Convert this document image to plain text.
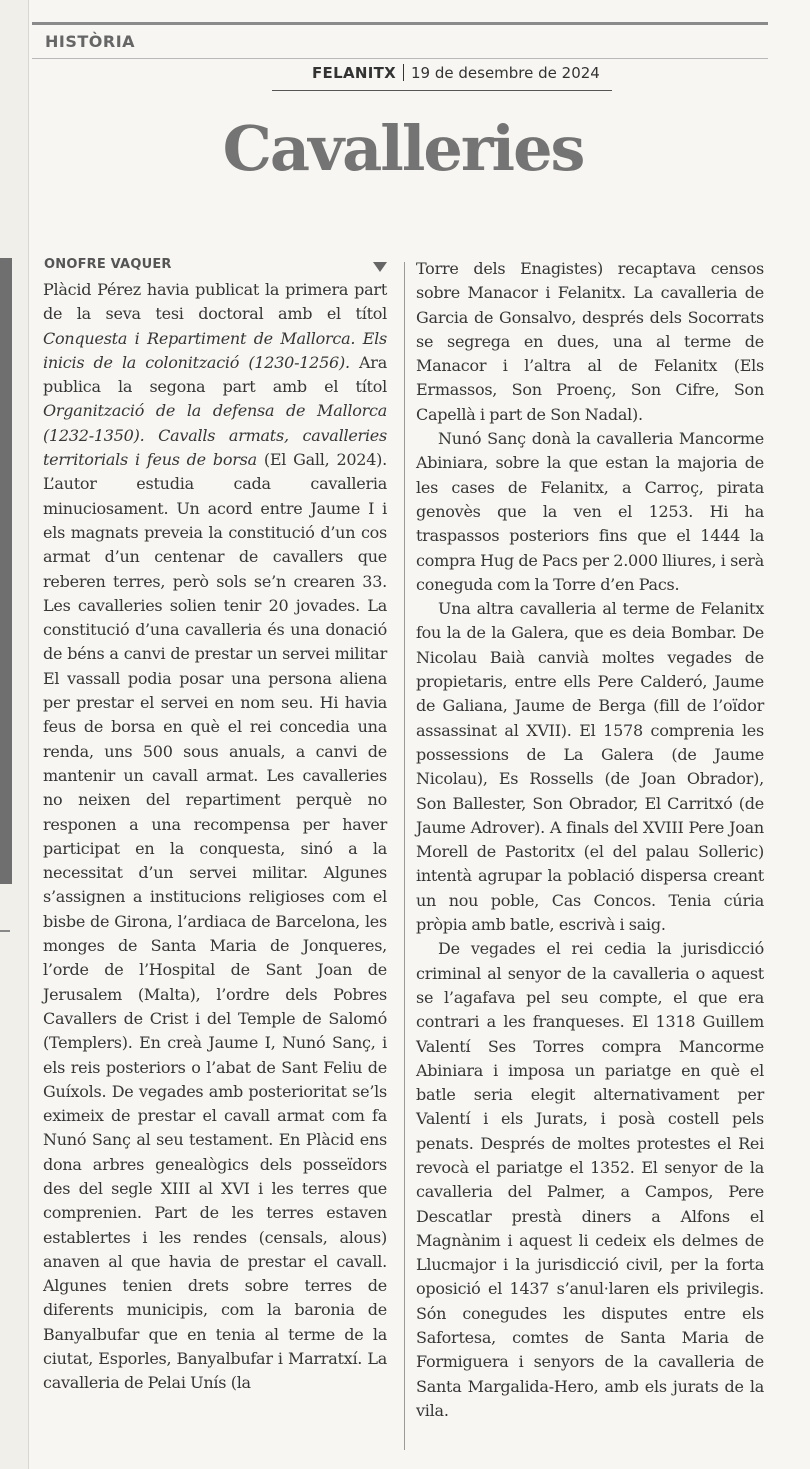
HISTÒRIA
FELANITX 19 de desembre de 2024
Cavalleries
ONOFRE VAQUER

Plàcid Pérez havia publicat la primera part de la seva tesi doctoral amb el títol Conquesta i Repartiment de Mallorca. Els inicis de la colonització (1230-1256). Ara publica la segona part amb el títol Organització de la defensa de Mallorca (1232-1350). Cavalls armats, cavalleries territorials i feus de borsa (El Gall, 2024). L’autor estudia cada cavalleria minuciosament. Un acord entre Jaume I i els magnats preveia la constitució d’un cos armat d’un centenar de cavallers que reberen terres, però sols se’n crearen 33. Les cavalleries solien tenir 20 jovades. La constitució d’una cavalleria és una donació de béns a canvi de prestar un servei militar El vassall podia posar una persona aliena per prestar el servei en nom seu. Hi havia feus de borsa en què el rei concedia una renda, uns 500 sous anuals, a canvi de mantenir un cavall armat. Les cavalleries no neixen del repartiment perquè no responen a una recompensa per haver participat en la conquesta, sinó a la necessitat d’un servei militar. Algunes s’assignen a institucions religioses com el bisbe de Girona, l’ardiaca de Barcelona, les monges de Santa Maria de Jonqueres, l’orde de l’Hospital de Sant Joan de Jerusalem (Malta), l’ordre dels Pobres Cavallers de Crist i del Temple de Salomó (Templers). En creà Jaume I, Nunó Sanç, i els reis posteriors o l’abat de Sant Feliu de Guíxols. De vegades amb posterioritat se’ls eximeix de prestar el cavall armat com fa Nunó Sanç al seu testament. En Plàcid ens dona arbres genealògics dels posseïdors des del segle XIII al XVI i les terres que comprenien. Part de les terres estaven establertes i les rendes (censals, alous) anaven al que havia de prestar el cavall. Algunes tenien drets sobre terres de diferents municipis, com la baronia de Banyalbufar que en tenia al terme de la ciutat, Esporles, Banyalbufar i Marratxí. La cavalleria de Pelai Unís (la

Torre dels Enagistes) recaptava censos sobre Manacor i Felanitx. La cavalleria de Garcia de Gonsalvo, després dels Socorrats se segrega en dues, una al terme de Manacor i l’altra al de Felanitx (Els Ermassos, Son Proenç, Son Cifre, Son Capellà i part de Son Nadal).

Nunó Sanç donà la cavalleria Mancorme Abiniara, sobre la que estan la majoria de les cases de Felanitx, a Carroç, pirata genovès que la ven el 1253. Hi ha traspassos posteriors fins que el 1444 la compra Hug de Pacs per 2.000 lliures, i serà coneguda com la Torre d’en Pacs.

Una altra cavalleria al terme de Felanitx fou la de la Galera, que es deia Bombar. De Nicolau Baià canvià moltes vegades de propietaris, entre ells Pere Calderó, Jaume de Galiana, Jaume de Berga (fill de l’oïdor assassinat al XVII). El 1578 comprenia les possessions de La Galera (de Jaume Nicolau), Es Rossells (de Joan Obrador), Son Ballester, Son Obrador, El Carritxó (de Jaume Adrover). A finals del XVIII Pere Joan Morell de Pastoritx (el del palau Solleric) intentà agrupar la població dispersa creant un nou poble, Cas Concos. Tenia cúria pròpia amb batle, escrivà i saig.

De vegades el rei cedia la jurisdicció criminal al senyor de la cavalleria o aquest se l’agafava pel seu compte, el que era contrari a les franqueses. El 1318 Guillem Valentí Ses Torres compra Mancorme Abiniara i imposa un pariatge en què el batle seria elegit alternativament per Valentí i els Jurats, i posà costell pels penats. Després de moltes protestes el Rei revocà el pariatge el 1352. El senyor de la cavalleria del Palmer, a Campos, Pere Descatlar prestà diners a Alfons el Magnànim i aquest li cedeix els delmes de Llucmajor i la jurisdicció civil, per la forta oposició el 1437 s’anul·laren els privilegis. Són conegudes les disputes entre els Safortesa, comtes de Santa Maria de Formiguera i senyors de la cavalleria de Santa Margalida-Hero, amb els jurats de la vila.
